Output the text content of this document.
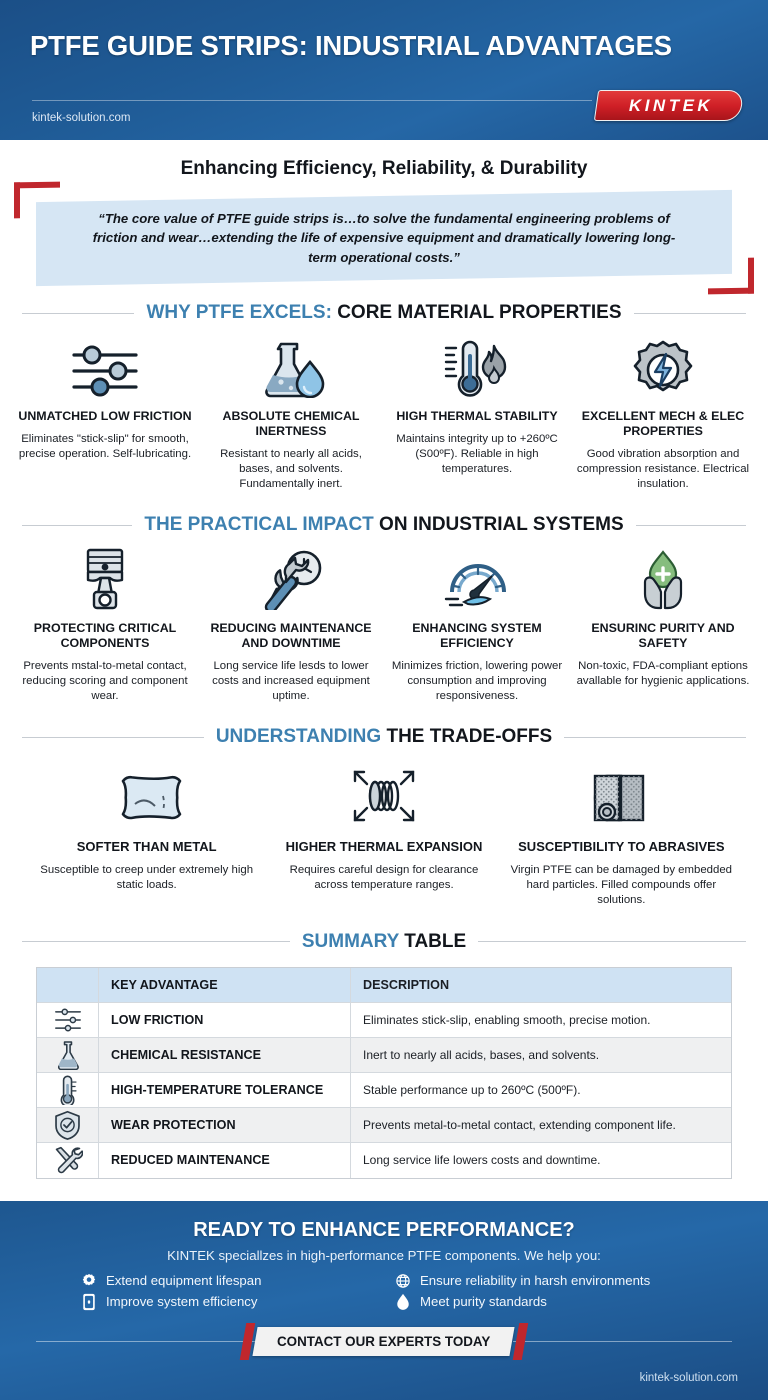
PTFE GUIDE STRIPS: INDUSTRIAL ADVANTAGES
kintek-solution.com
KINTEK
Enhancing Efficiency, Reliability, & Durability
“The core value of PTFE guide strips is…to solve the fundamental engineering problems of friction and wear…extending the life of expensive equipment and dramatically lowering long-term operational costs.”
WHY PTFE EXCELS: CORE MATERIAL PROPERTIES
UNMATCHED LOW FRICTION
Eliminates "stick-slip" for smooth, precise operation. Self-lubricating.
ABSOLUTE CHEMICAL INERTNESS
Resistant to nearly all acids, bases, and solvents. Fundamentally inert.
HIGH THERMAL STABILITY
Maintains integrity up to +260ºC (S00ºF). Reliable in high temperatures.
EXCELLENT MECH & ELEC PROPERTIES
Good vibration absorption and compression resistance. Electrical insulation.
THE PRACTICAL IMPACT ON INDUSTRIAL SYSTEMS
PROTECTING CRITICAL COMPONENTS
Prevents mstal-to-metal contact, reducing scoring and component wear.
REDUCING MAINTENANCE AND DOWNTIME
Long service life lesds to lower costs and increased equipment uptime.
ENHANCING SYSTEM EFFICIENCY
Minimizes friction, lowering power consumption and improving responsiveness.
ENSURINC PURITY AND SAFETY
Non-toxic, FDA-compliant eptions avallable for hygienic applications.
UNDERSTANDING THE TRADE-OFFS
SOFTER THAN METAL
Susceptible to creep under extremely high static loads.
HIGHER THERMAL EXPANSION
Requires careful design for clearance across temperature ranges.
SUSCEPTIBILITY TO ABRASIVES
Virgin PTFE can be damaged by embedded hard particles. Filled compounds offer solutions.
SUMMARY TABLE
KEY ADVANTAGE	DESCRIPTION
LOW FRICTION	Eliminates stick-slip, enabling smooth, precise motion.
CHEMICAL RESISTANCE	Inert to nearly all acids, bases, and solvents.
HIGH-TEMPERATURE TOLERANCE	Stable performance up to 260ºC (500ºF).
WEAR PROTECTION	Prevents metal-to-metal contact, extending component life.
REDUCED MAINTENANCE	Long service life lowers costs and downtime.
READY TO ENHANCE PERFORMANCE?
KINTEK speciallzes in high-performance PTFE components. We help you:
Extend equipment lifespan	Ensure reliability in harsh environments
Improve system efficiency	Meet purity standards
CONTACT OUR EXPERTS TODAY
kintek-solution.com
